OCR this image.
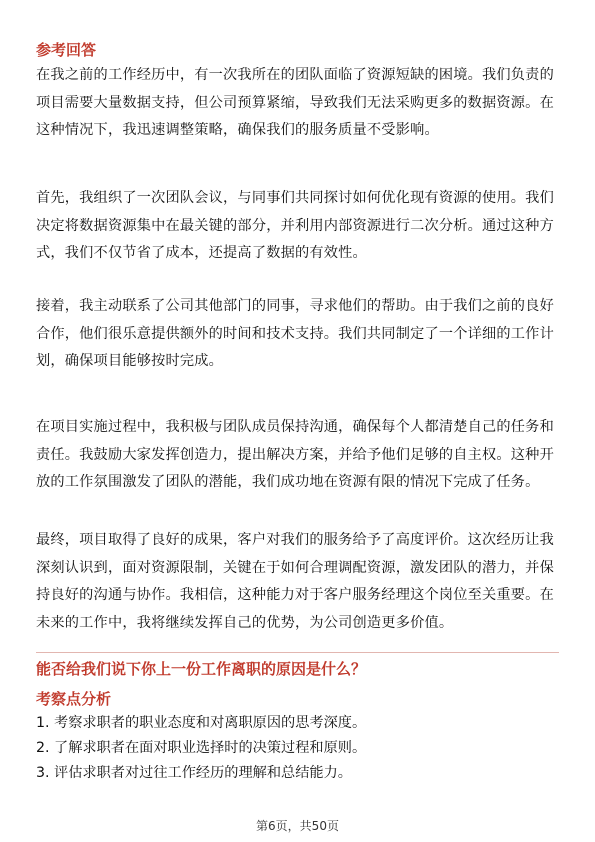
参考回答

在我之前的工作经历中，有一次我所在的团队面临了资源短缺的困境。我们负责的项目需要大量数据支持，但公司预算紧缩，导致我们无法采购更多的数据资源。在这种情况下，我迅速调整策略，确保我们的服务质量不受影响。

首先，我组织了一次团队会议，与同事们共同探讨如何优化现有资源的使用。我们决定将数据资源集中在最关键的部分，并利用内部资源进行二次分析。通过这种方式，我们不仅节省了成本，还提高了数据的有效性。

接着，我主动联系了公司其他部门的同事，寻求他们的帮助。由于我们之前的良好合作，他们很乐意提供额外的时间和技术支持。我们共同制定了一个详细的工作计划，确保项目能够按时完成。

在项目实施过程中，我积极与团队成员保持沟通，确保每个人都清楚自己的任务和责任。我鼓励大家发挥创造力，提出解决方案，并给予他们足够的自主权。这种开放的工作氛围激发了团队的潜能，我们成功地在资源有限的情况下完成了任务。

最终，项目取得了良好的成果，客户对我们的服务给予了高度评价。这次经历让我深刻认识到，面对资源限制，关键在于如何合理调配资源，激发团队的潜力，并保持良好的沟通与协作。我相信，这种能力对于客户服务经理这个岗位至关重要。在未来的工作中，我将继续发挥自己的优势，为公司创造更多价值。

能否给我们说下你上一份工作离职的原因是什么？
考察点分析
1. 考察求职者的职业态度和对离职原因的思考深度。
2. 了解求职者在面对职业选择时的决策过程和原则。
3. 评估求职者对过往工作经历的理解和总结能力。
第6页，共50页
